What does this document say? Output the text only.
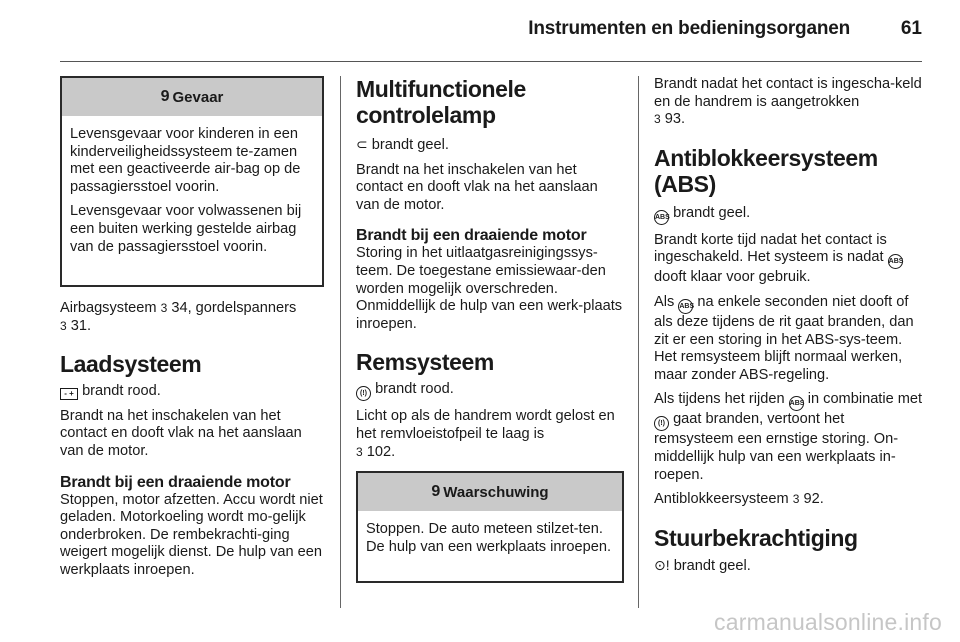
Instrumenten en bedieningsorganen	61
9 Gevaar

Levensgevaar voor kinderen in een kinderveiligheidssysteem te-zamen met een geactiveerde air-bag op de passagiersstoel voorin.

Levensgevaar voor volwassenen bij een buiten werking gestelde airbag van de passagiersstoel voorin.

Airbagsysteem 3 34, gordelspanners
3 31.

Laadsysteem

- + brandt rood.

Brandt na het inschakelen van het contact en dooft vlak na het aanslaan van de motor.

Brandt bij een draaiende motor

Stoppen, motor afzetten. Accu wordt niet geladen. Motorkoeling wordt mo-gelijk onderbroken. De rembekrachti-ging weigert mogelijk dienst. De hulp van een werkplaats inroepen.

Multifunctionele
controlelamp

⊂ brandt geel.

Brandt na het inschakelen van het contact en dooft vlak na het aanslaan van de motor.

Brandt bij een draaiende motor

Storing in het uitlaatgasreinigingssys-teem. De toegestane emissiewaar-den worden mogelijk overschreden. Onmiddellijk de hulp van een werk-plaats inroepen.

Remsysteem

(!) brandt rood.

Licht op als de handrem wordt gelost en het remvloeistofpeil te laag is
3 102.

9 Waarschuwing

Stoppen. De auto meteen stilzet-ten. De hulp van een werkplaats inroepen.

Brandt nadat het contact is ingescha-keld en de handrem is aangetrokken
3 93.

Antiblokkeersysteem
(ABS)

ABS brandt geel.

Brandt korte tijd nadat het contact is ingeschakeld. Het systeem is nadat ABS dooft klaar voor gebruik.

Als ABS na enkele seconden niet dooft of als deze tijdens de rit gaat branden, dan zit er een storing in het ABS-sys-teem. Het remsysteem blijft normaal werken, maar zonder ABS-regeling.

Als tijdens het rijden ABS in combinatie met (!) gaat branden, vertoont het remsysteem een ernstige storing. On-middellijk hulp van een werkplaats in-roepen.

Antiblokkeersysteem 3 92.

Stuurbekrachtiging

⊙! brandt geel.

carmanualsonline.info
